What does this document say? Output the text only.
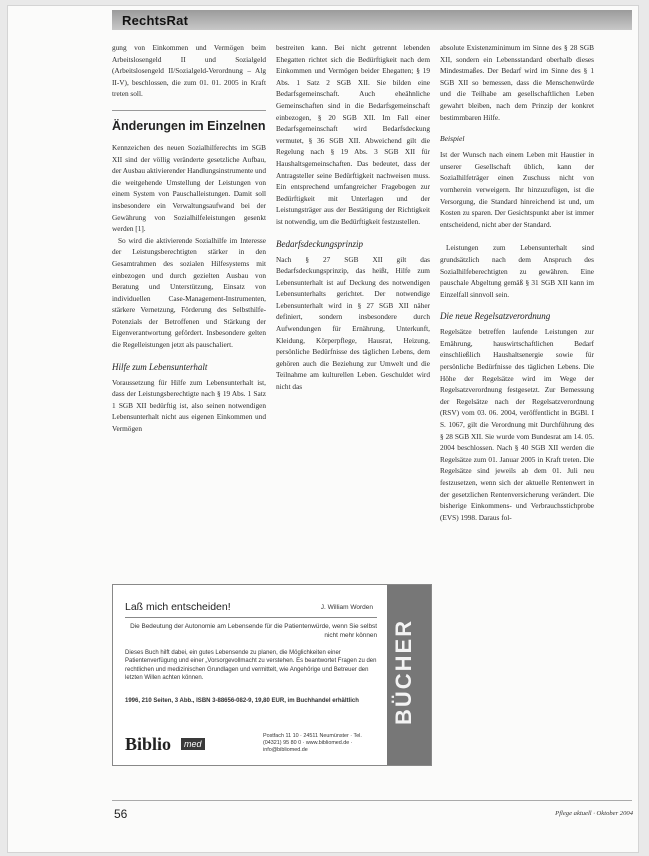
RechtsRat

gung von Einkommen und Vermögen beim Arbeitslosengeld II und Sozialgeld (Arbeitslosengeld II/Sozialgeld-Verordnung – Alg II-V), beschlossen, die zum 01. 01. 2005 in Kraft treten soll.

Änderungen im Einzelnen

Kennzeichen des neuen Sozialhilferechts im SGB XII sind der völlig veränderte gesetzliche Aufbau, der Ausbau aktivierender Handlungsinstrumente und die weitgehende Umstellung der Leistungen von einem System von Pauschalleistungen. Damit soll insbesondere ein Verwaltungsaufwand bei der Gewährung von Sozialhilfeleistungen gesenkt werden [1].

So wird die aktivierende Sozialhilfe im Interesse der Leistungsberechtigten stärker in den Gesamtrahmen des sozialen Hilfesystems mit einbezogen und durch gezielten Ausbau von Beratung und Unterstützung, Einsatz von individuellen Case-Management-Instrumenten, stärkere Vernetzung, Förderung des Selbsthilfe-Potenzials der Betroffenen und Stärkung der Eigenverantwortung gefördert. Insbesondere gelten die Regelleistungen jetzt als pauschaliert.

Hilfe zum Lebensunterhalt

Voraussetzung für Hilfe zum Lebensunterhalt ist, dass der Leistungsberechtigte nach § 19 Abs. 1 Satz 1 SGB XII bedürftig ist, also seinen notwendigen Lebensunterhalt nicht aus eigenen Einkommen und Vermögen

bestreiten kann. Bei nicht getrennt lebenden Ehegatten richtet sich die Bedürftigkeit nach dem Einkommen und Vermögen beider Ehegatten; § 19 Abs. 1 Satz 2 SGB XII. Sie bilden eine Bedarfsgemeinschaft. Auch eheähnliche Gemeinschaften sind in die Bedarfsgemeinschaft einbezogen, § 20 SGB XII. Im Fall einer Bedarfsgemeinschaft wird Bedarfsdeckung vermutet, § 36 SGB XII. Abweichend gilt die Regelung nach § 19 Abs. 3 SGB XII für Haushaltsgemeinschaften. Das bedeutet, dass der Antragsteller seine Bedürftigkeit nachweisen muss. Ein entsprechend umfangreicher Fragebogen zur Bedürftigkeit mit Unterlagen und der Leistungsträger aus der Bestätigung der Richtigkeit ist notwendig, um die Bedürftigkeit festzustellen.

Bedarfsdeckungsprinzip

Nach § 27 SGB XII gilt das Bedarfsdeckungsprinzip, das heißt, Hilfe zum Lebensunterhalt ist auf Deckung des notwendigen Lebensunterhalts gerichtet. Der notwendige Lebensunterhalt wird in § 27 SGB XII näher definiert, sondern insbesondere durch Aufwendungen für Ernährung, Unterkunft, Kleidung, Körperpflege, Hausrat, Heizung, persönliche Bedürfnisse des täglichen Lebens, dem gehören auch die Beziehung zur Umwelt und die Teilnahme am kulturellen Leben. Geschuldet wird nicht das

absolute Existenzminimum im Sinne des § 28 SGB XII, sondern ein Lebensstandard oberhalb dieses Mindestmaßes. Der Bedarf wird im Sinne des § 1 SGB XII so bemessen, dass die Menschenwürde und die Teilhabe am gesellschaftlichen Leben gewahrt bleiben, nach dem Prinzip der konkret bestimmbaren Hilfe.

Beispiel

Ist der Wunsch nach einem Leben mit Haustier in unserer Gesellschaft üblich, kann der Sozialhilfeträger einen Zuschuss nicht von vornherein verweigern. Ihr hinzuzufügen, ist die Versorgung, die Standard hinreichend ist und, um Kosten zu sparen. Der Gesichtspunkt aber ist immer entscheidend, nicht aber der Standard.

Leistungen zum Lebensunterhalt sind grundsätzlich nach dem Anspruch des Sozialhilfeberechtigten zu gewähren. Eine pauschale Abgeltung gemäß § 31 SGB XII kann im Einzelfall sinnvoll sein.

Die neue Regelsatzverordnung

Regelsätze betreffen laufende Leistungen zur Ernährung, hauswirtschaftlichen Bedarf einschließlich Haushaltsenergie sowie für persönliche Bedürfnisse des täglichen Lebens. Die Höhe der Regelsätze wird im Wege der Regelsatzverordnung festgesetzt. Zur Bemessung der Regelsätze nach der Regelsatzverordnung (RSV) vom 03. 06. 2004, veröffentlicht in BGBl. I S. 1067, gilt die Verordnung mit Durchführung des § 28 SGB XII. Sie wurde vom Bundesrat am 14. 05. 2004 beschlossen. Nach § 40 SGB XII werden die Regelsätze zum 01. Januar 2005 in Kraft treten. Die Regelsätze sind jeweils ab dem 01. Juli neu festzusetzen, wenn sich der aktuelle Rentenwert in der gesetzlichen Rentenversicherung verändert. Die bisherige Einkommens- und Verbrauchsstichprobe (EVS) 1998. Daraus fol-

Laß mich entscheiden!	J. William Worden
Die Bedeutung der Autonomie am Lebensende für die Patientenwürde, wenn Sie selbst nicht mehr können
Dieses Buch hilft dabei, ein gutes Lebensende zu planen, die Möglichkeiten einer Patientenverfügung und einer „Vorsorgevollmacht zu verstehen. Es beantwortet Fragen zu den rechtlichen und medizinischen Grundlagen und vermittelt, wie Angehörige und Betreuer den letzten Willen achten können.
1996, 210 Seiten, 3 Abb., ISBN 3-88656-082-9, 19,80 EUR, im Buchhandel erhältlich
Biblio	med
Postfach 11 10 · 24511 Neumünster · Tel. (04321) 95 80 0 · www.bibliomed.de · info@bibliomed.de
BÜCHER
56	Pflege aktuell · Oktober 2004
